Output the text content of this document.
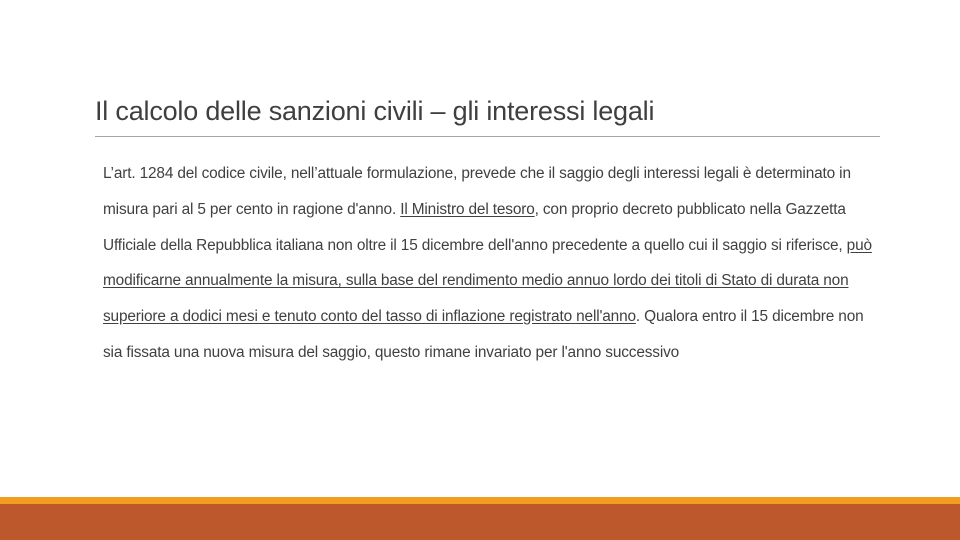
Il calcolo delle sanzioni civili – gli interessi legali

L’art. 1284 del codice civile, nell’attuale formulazione, prevede che il saggio degli interessi legali è determinato in misura pari al 5 per cento in ragione d'anno. Il Ministro del tesoro, con proprio decreto pubblicato nella Gazzetta Ufficiale della Repubblica italiana non oltre il 15 dicembre dell'anno precedente a quello cui il saggio si riferisce, può modificarne annualmente la misura, sulla base del rendimento medio annuo lordo dei titoli di Stato di durata non superiore a dodici mesi e tenuto conto del tasso di inflazione registrato nell'anno. Qualora entro il 15 dicembre non sia fissata una nuova misura del saggio, questo rimane invariato per l'anno successivo
